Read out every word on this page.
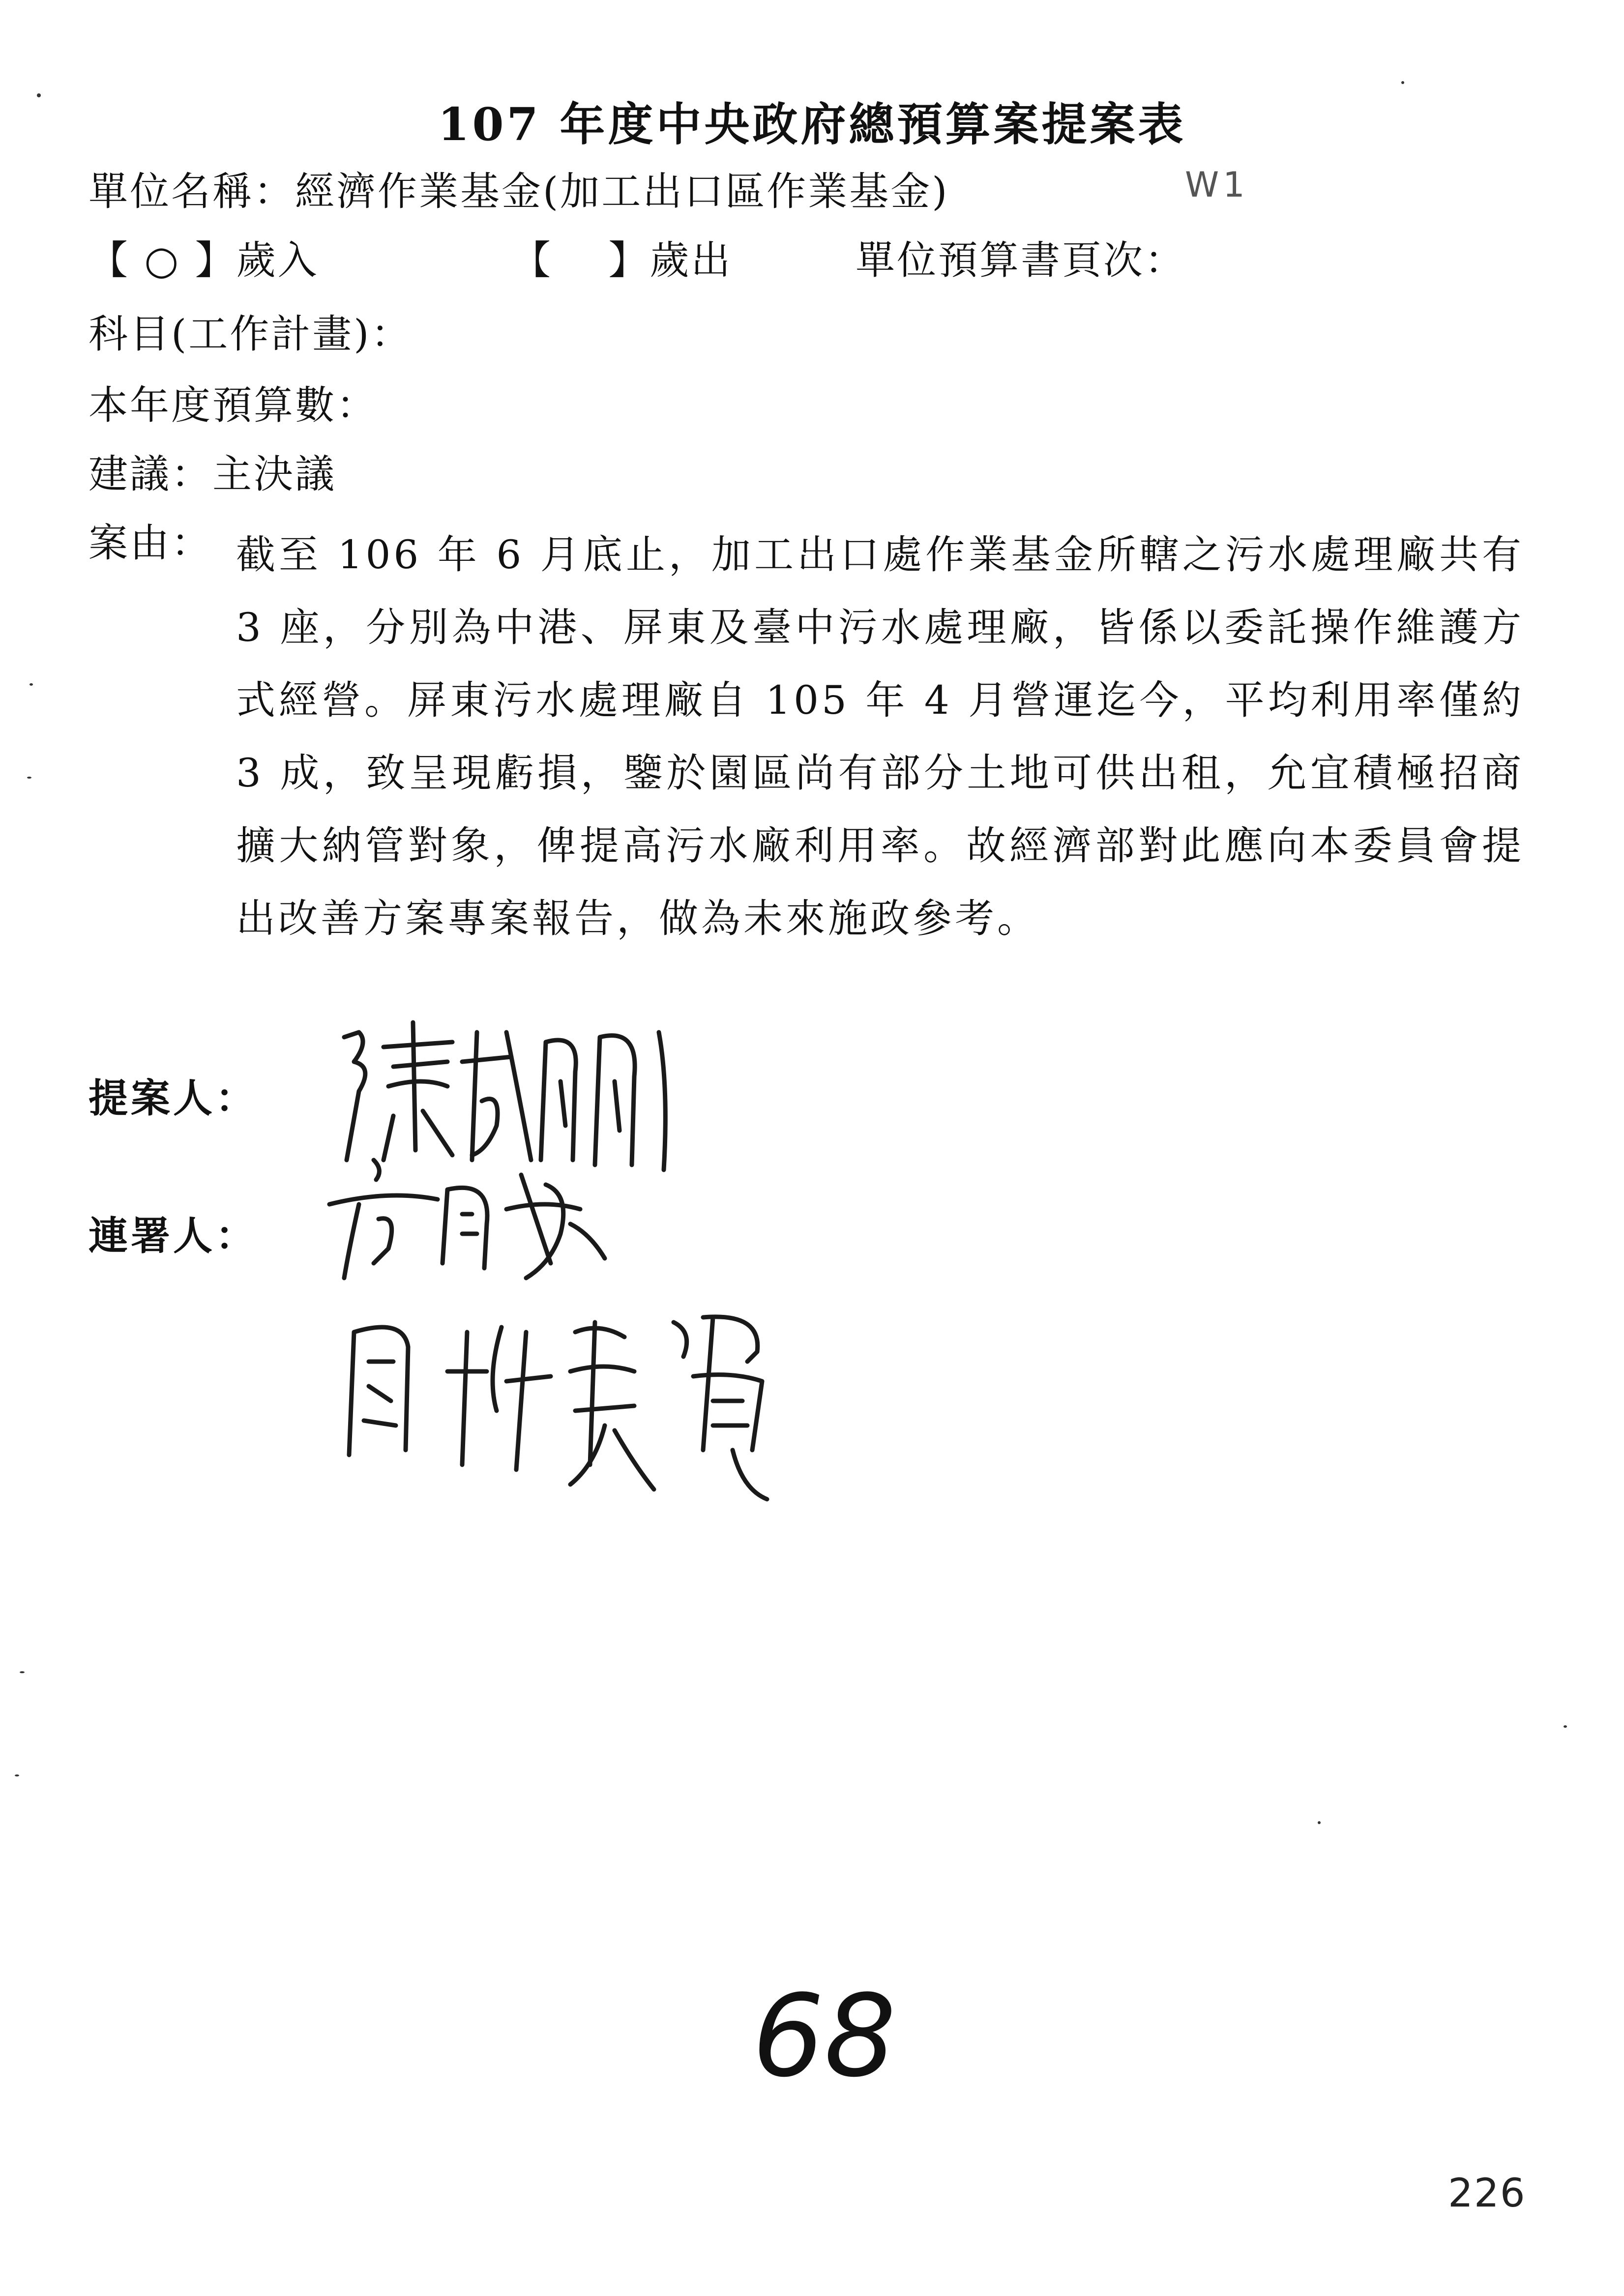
107 年度中央政府總預算案提案表
單位名稱：經濟作業基金(加工出口區作業基金)	W1
【 ○ 】歲入	【　 】歲出	單位預算書頁次：
科目(工作計畫)：
本年度預算數：
建議：主決議
案由： 截至 106 年 6 月底止，加工出口處作業基金所轄之污水處理廠共有 3 座，分別為中港、屏東及臺中污水處理廠，皆係以委託操作維護方式經營。屏東污水處理廠自 105 年 4 月營運迄今，平均利用率僅約 3 成，致呈現虧損，鑒於園區尚有部分土地可供出租，允宜積極招商擴大納管對象，俾提高污水廠利用率。故經濟部對此應向本委員會提出改善方案專案報告，做為未來施政參考。
提案人：
連署人：
68
226
